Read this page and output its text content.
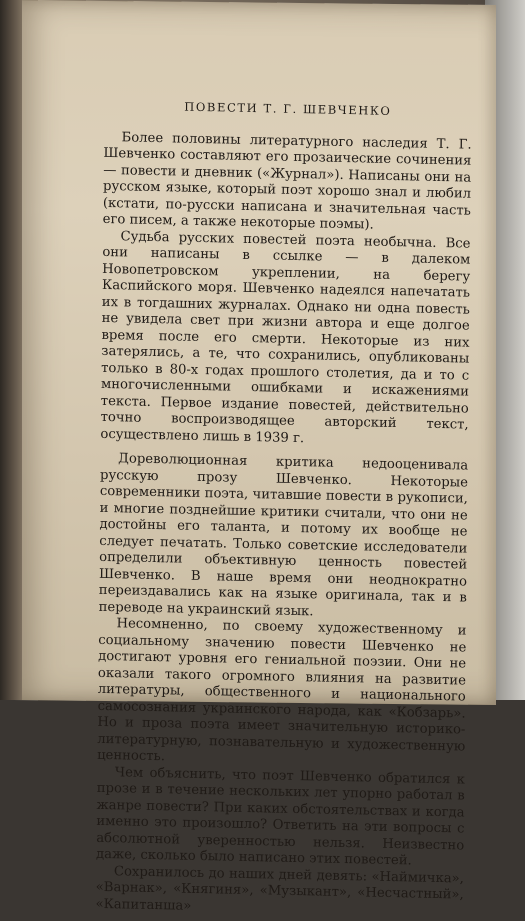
ПОВЕСТИ Т. Г. ШЕВЧЕНКО

Более половины литературного наследия Т. Г. Шевченко составляют его прозаические сочинения — повести и дневник («Журнал»). Написаны они на русском языке, который поэт хорошо знал и любил (кстати, по-русски написана и значительная часть его писем, а также некоторые поэмы).

Судьба русских повестей поэта необычна. Все они написаны в ссылке — в далеком Новопетровском укреплении, на берегу Каспийского моря. Шевченко надеялся напечатать их в тогдашних журналах. Однако ни одна повесть не увидела свет при жизни автора и еще долгое время после его смерти. Некоторые из них затерялись, а те, что сохранились, опубликованы только в 80-х годах прошлого столетия, да и то с многочисленными ошибками и искажениями текста. Первое издание повестей, действительно точно воспроизводящее авторский текст, осуществлено лишь в 1939 г.

Дореволюционная критика недооценивала русскую прозу Шевченко. Некоторые современники поэта, читавшие повести в рукописи, и многие позднейшие критики считали, что они не достойны его таланта, и потому их вообще не следует печатать. Только советские исследователи определили объективную ценность повестей Шевченко. В наше время они неоднократно переиздавались как на языке оригинала, так и в переводе на украинский язык.

Несомненно, по своему художественному и социальному значению повести Шевченко не достигают уровня его гениальной поэзии. Они не оказали такого огромного влияния на развитие литературы, общественного и национального самосознания украинского народа, как «Кобзарь». Но и проза поэта имеет значительную историко-литературную, познавательную и художественную ценность.

Чем объяснить, что поэт Шевченко обратился к прозе и в течение нескольких лет упорно работал в жанре повести? При каких обстоятельствах и когда именно это произошло? Ответить на эти вопросы с абсолютной уверенностью нельзя. Неизвестно даже, сколько было написано этих повестей.

Сохранилось до наших дней девять: «Наймичка», «Варнак», «Княгиня», «Музыкант», «Несчастный», «Капитанша»
